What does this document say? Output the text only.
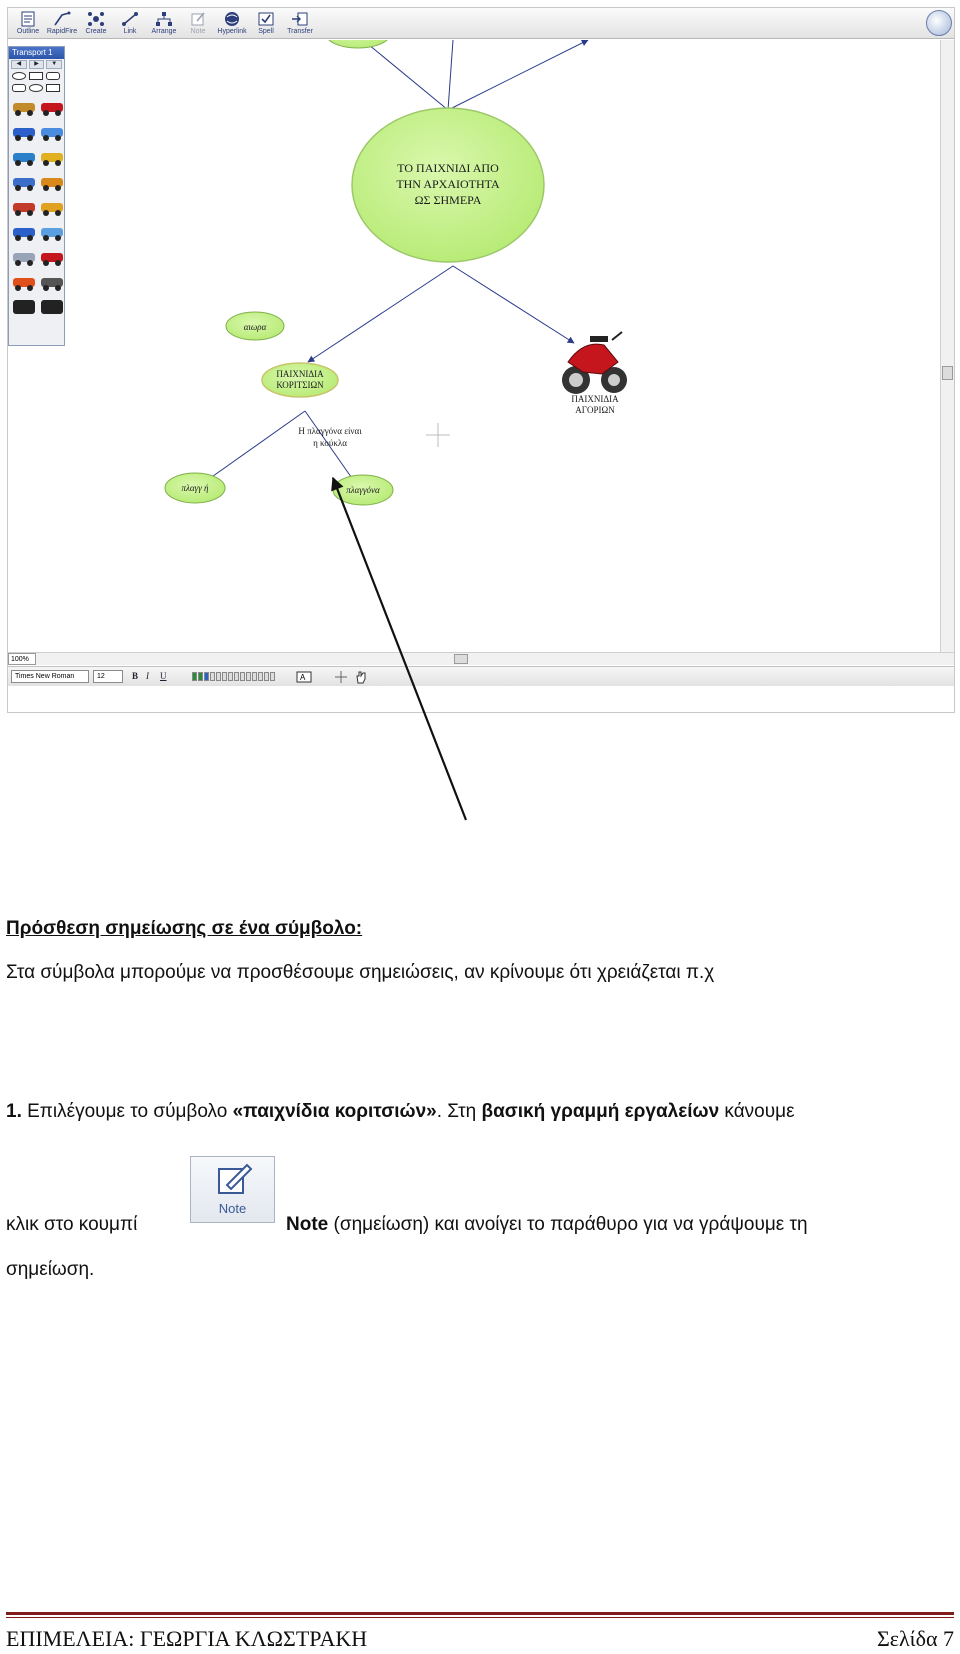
Outline	RapidFire	Create	Link	Arrange	Note	Hyperlink	Spell	Transfer
ΤΟ ΠΑΙΧΝΙΔΙ ΑΠΟ
ΤΗΝ ΑΡΧΑΙΟΤΗΤΑ
ΩΣ ΣΗΜΕΡΑ
αιωρα
ΠΑΙΧΝΙΔΙΑ
ΚΟΡΙΤΣΙΩΝ
Η πλαγγόνα είναι
η κούκλα
ΠΑΙΧΝΙΔΙΑ
ΑΓΟΡΙΩΝ
πλαγγ ή	πλαγγόνα
Transport 1
◀	▶	▼
100%
Times New Roman	12	B I U	A
Πρόσθεση σημείωσης σε ένα σύμβολο:
Στα σύμβολα μπορούμε να προσθέσουμε σημειώσεις, αν κρίνουμε ότι χρειάζεται π.χ
1. Επιλέγουμε το σύμβολο «παιχνίδια κοριτσιών». Στη βασική γραμμή εργαλείων κάνουμε
Note
κλικ στο κουμπί	Note (σημείωση) και ανοίγει το παράθυρο για να γράψουμε τη
σημείωση.
ΕΠΙΜΕΛΕΙΑ: ΓΕΩΡΓΙΑ ΚΛΩΣΤΡΑΚΗ	Σελίδα 7
